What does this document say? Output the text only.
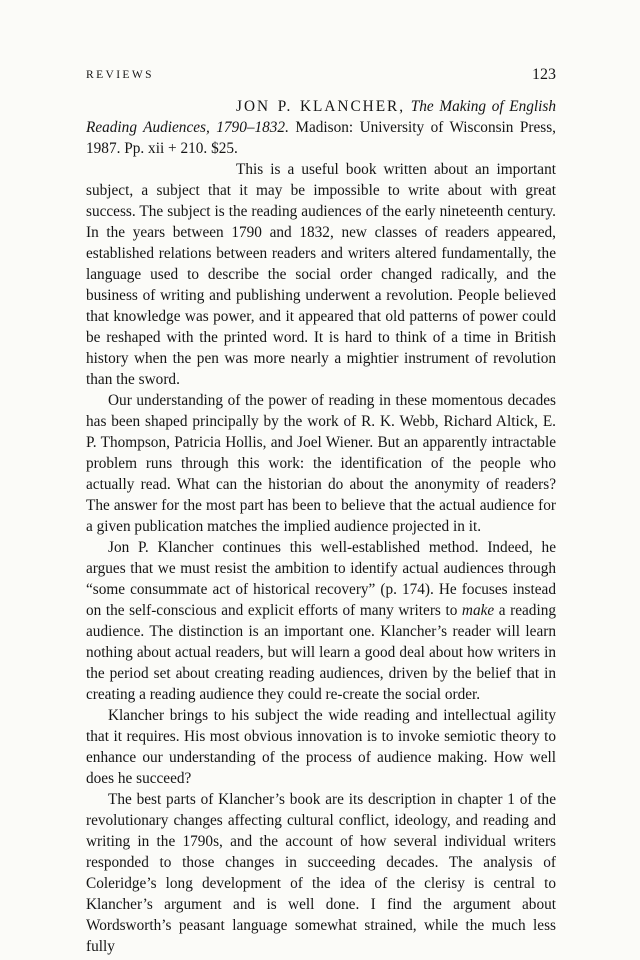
REVIEWS	123

JON P. KLANCHER, The Making of English Reading Audiences, 1790–1832. Madison: University of Wisconsin Press, 1987. Pp. xii + 210. $25.

This is a useful book written about an important subject, a subject that it may be impossible to write about with great success. The subject is the reading audiences of the early nineteenth century. In the years between 1790 and 1832, new classes of readers appeared, established relations between readers and writers altered fundamentally, the language used to describe the social order changed radically, and the business of writing and publishing underwent a revolution. People believed that knowledge was power, and it appeared that old patterns of power could be reshaped with the printed word. It is hard to think of a time in British history when the pen was more nearly a mightier instrument of revolution than the sword.

Our understanding of the power of reading in these momentous decades has been shaped principally by the work of R. K. Webb, Richard Altick, E. P. Thompson, Patricia Hollis, and Joel Wiener. But an apparently intractable problem runs through this work: the identification of the people who actually read. What can the historian do about the anonymity of readers? The answer for the most part has been to believe that the actual audience for a given publication matches the implied audience projected in it.

Jon P. Klancher continues this well-established method. Indeed, he argues that we must resist the ambition to identify actual audiences through “some consummate act of historical recovery” (p. 174). He focuses instead on the self-conscious and explicit efforts of many writers to make a reading audience. The distinction is an important one. Klancher’s reader will learn nothing about actual readers, but will learn a good deal about how writers in the period set about creating reading audiences, driven by the belief that in creating a reading audience they could re-create the social order.

Klancher brings to his subject the wide reading and intellectual agility that it requires. His most obvious innovation is to invoke semiotic theory to enhance our understanding of the process of audience making. How well does he succeed?

The best parts of Klancher’s book are its description in chapter 1 of the revolutionary changes affecting cultural conflict, ideology, and reading and writing in the 1790s, and the account of how several individual writers responded to those changes in succeeding decades. The analysis of Coleridge’s long development of the idea of the clerisy is central to Klancher’s argument and is well done. I find the argument about Wordsworth’s peasant language somewhat strained, while the much less fully
